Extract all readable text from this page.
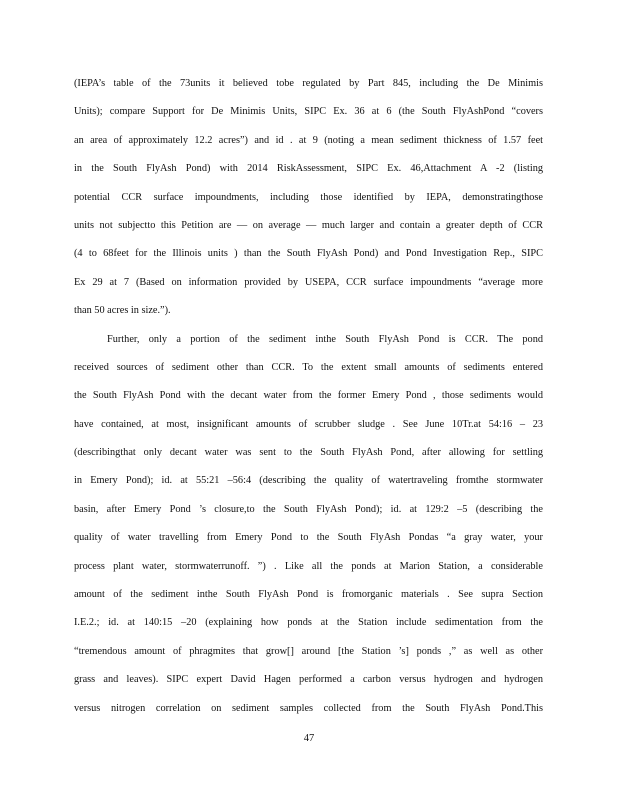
(IEPA’s table of the 73units it believed tobe regulated by Part 845, including the De Minimis
Units); compare Support for De Minimis Units, SIPC Ex. 36 at 6 (the South FlyAshPond “covers
an area of approximately 12.2 acres”) and id . at 9 (noting a mean sediment thickness of 1.57 feet
in the South FlyAsh Pond) with 2014 RiskAssessment, SIPC Ex. 46,Attachment A -2 (listing
potential CCR surface impoundments, including those identified by IEPA, demonstratingthose
units not subjectto this Petition are — on average — much larger and contain a greater depth of CCR
(4 to 68feet for the Illinois units ) than the South FlyAsh Pond) and Pond Investigation Rep., SIPC
Ex 29 at 7 (Based on information provided by USEPA, CCR surface impoundments “average more
than 50 acres in size.”).
Further, only a portion of the sediment inthe South FlyAsh Pond is CCR. The pond
received sources of sediment other than CCR. To the extent small amounts of sediments entered
the South FlyAsh Pond with the decant water from the former Emery Pond , those sediments would
have contained, at most, insignificant amounts of scrubber sludge . See June 10Tr.at 54:16 – 23
(describingthat only decant water was sent to the South FlyAsh Pond, after allowing for settling
in Emery Pond); id. at 55:21 –56:4 (describing the quality of watertraveling fromthe stormwater
basin, after Emery Pond ’s closure,to the South FlyAsh Pond); id. at 129:2 –5 (describing the
quality of water travelling from Emery Pond to the South FlyAsh Pondas “a gray water, your
process plant water, stormwaterrunoff. ”) . Like all the ponds at Marion Station, a considerable
amount of the sediment inthe South FlyAsh Pond is fromorganic materials . See supra Section
I.E.2.; id. at 140:15 –20 (explaining how ponds at the Station include sedimentation from the
“tremendous amount of phragmites that grow[] around [the Station ’s] ponds ,” as well as other
grass and leaves). SIPC expert David Hagen performed a carbon versus hydrogen and hydrogen
versus nitrogen correlation on sediment samples collected from the South FlyAsh Pond.This
47
